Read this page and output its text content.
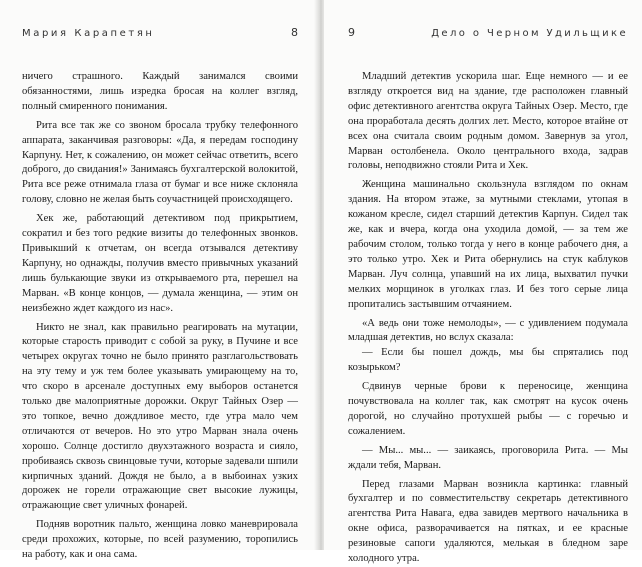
Мария Карапетян	8

ничего страшного. Каждый занимался своими обязанностями, лишь изредка бросая на коллег взгляд, полный смиренного понимания.

Рита все так же со звоном бросала трубку телефонного аппарата, заканчивая разговоры: «Да, я передам господину Карпуну. Нет, к сожалению, он может сейчас ответить, всего доброго, до свидания!» Занимаясь бухгалтерской волокитой, Рита все реже отнимала глаза от бумаг и все ниже склоняла голову, словно не желая быть соучастницей происходящего.

Хек же, работающий детективом под прикрытием, сократил и без того редкие визиты до телефонных звонков. Привыкший к отчетам, он всегда отзывался детективу Карпуну, но однажды, получив вместо привычных указаний лишь булькающие звуки из открываемого рта, перешел на Марван. «В конце концов, — думала женщина, — этим он неизбежно ждет каждого из нас».

Никто не знал, как правильно реагировать на мутации, которые старость приводит с собой за руку, в Пучине и все четырех округах точно не было принято разглагольствовать на эту тему и уж тем более указывать умирающему на то, что скоро в арсенале доступных ему выборов останется только две малоприятные дорожки. Округ Тайных Озер — это топкое, вечно дождливое место, где утра мало чем отличаются от вечеров. Но это утро Марван знала очень хорошо. Солнце достигло двухэтажного возраста и сияло, пробиваясь сквозь свинцовые тучи, которые задевали шпили кирпичных зданий. Дождя не было, а в выбоинах узких дорожек не горели отражающие свет высокие лужицы, отражающие свет уличных фонарей.

Подняв воротник пальто, женщина ловко маневрировала среди прохожих, которые, по всей разумению, торопились на работу, как и она сама.

9	Дело о Черном Удильщике

Младший детектив ускорила шаг. Еще немного — и ее взгляду откроется вид на здание, где расположен главный офис детективного агентства округа Тайных Озер. Место, где она проработала десять долгих лет. Место, которое втайне от всех она считала своим родным домом. Завернув за угол, Марван остолбенела. Около центрального входа, задрав головы, неподвижно стояли Рита и Хек.

Женщина машинально скользнула взглядом по окнам здания. На втором этаже, за мутными стеклами, утопая в кожаном кресле, сидел старший детектив Карпун. Сидел так же, как и вчера, когда она уходила домой, — за тем же рабочим столом, только тогда у него в конце рабочего дня, а это только утро. Хек и Рита обернулись на стук каблуков Марван. Луч солнца, упавший на их лица, выхватил пучки мелких морщинок в уголках глаз. И без того серые лица пропитались застывшим отчаянием.

«А ведь они тоже немолоды», — с удивлением подумала младшая детектив, но вслух сказала:

— Если бы пошел дождь, мы бы спрятались под козырьком?

Сдвинув черные брови к переносице, женщина почувствовала на коллег так, как смотрят на кусок очень дорогой, но случайно протухшей рыбы — с горечью и сожалением.

— Мы... мы... — заикаясь, проговорила Рита. — Мы ждали тебя, Марван.

Перед глазами Марван возникла картинка: главный бухгалтер и по совместительству секретарь детективного агентства Рита Навага, едва завидев мертвого начальника в окне офиса, разворачивается на пятках, и ее красные резиновые сапоги удаляются, мелькая в бледном заре холодного утра.
